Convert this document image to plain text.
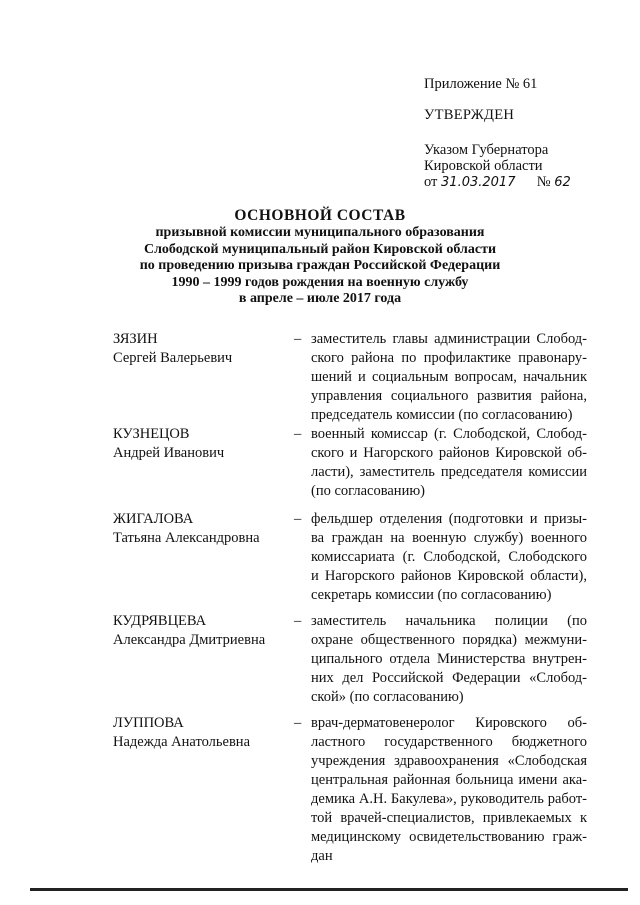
Приложение № 61
УТВЕРЖДЕН
Указом Губернатора
Кировской области
от 31.03.2017 № 62
ОСНОВНОЙ СОСТАВ
призывной комиссии муниципального образования
Слободской муниципальный район Кировской области
по проведению призыва граждан Российской Федерации
1990 – 1999 годов рождения на военную службу
в апреле – июле 2017 года
ЗЯЗИН
Сергей Валерьевич
– заместитель главы администрации Слобод-
ского района по профилактике правонару-
шений и социальным вопросам, начальник
управления социального развития района,
председатель комиссии (по согласованию)
КУЗНЕЦОВ
Андрей Иванович
– военный комиссар (г. Слободской, Слобод-
ского и Нагорского районов Кировской об-
ласти), заместитель председателя комиссии
(по согласованию)
ЖИГАЛОВА
Татьяна Александровна
– фельдшер отделения (подготовки и призы-
ва граждан на военную службу) военного
комиссариата (г. Слободской, Слободского
и Нагорского районов Кировской области),
секретарь комиссии (по согласованию)
КУДРЯВЦЕВА
Александра Дмитриевна
– заместитель начальника полиции (по
охране общественного порядка) межмуни-
ципального отдела Министерства внутрен-
них дел Российской Федерации «Слобод-
ской» (по согласованию)
ЛУППОВА
Надежда Анатольевна
– врач-дерматовенеролог Кировского об-
ластного государственного бюджетного
учреждения здравоохранения «Слободская
центральная районная больница имени ака-
демика А.Н. Бакулева», руководитель работ-
той врачей-специалистов, привлекаемых к
медицинскому освидетельствованию граж-
дан
